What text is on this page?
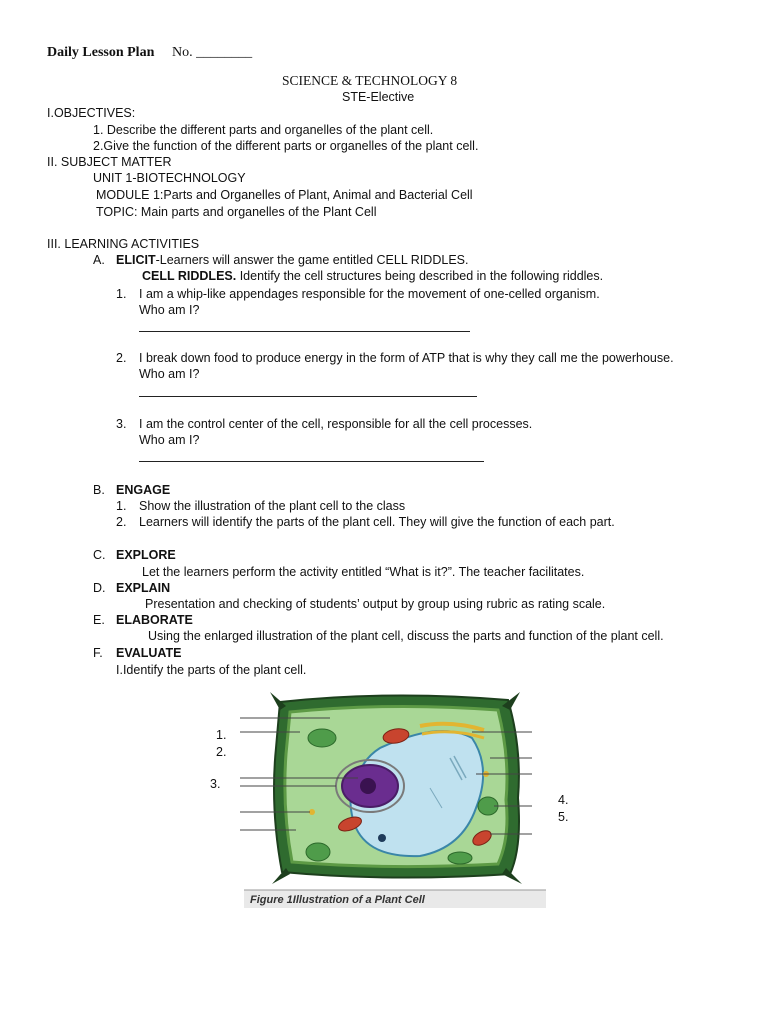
Daily Lesson Plan No. ________
SCIENCE & TECHNOLOGY 8
STE-Elective
I.OBJECTIVES:
1. Describe the different parts and organelles of the plant cell.
2.Give the function of the different parts or organelles of the plant cell.
II. SUBJECT MATTER
UNIT 1-BIOTECHNOLOGY
MODULE 1:Parts and Organelles of Plant, Animal and Bacterial Cell
TOPIC: Main parts and organelles of the Plant Cell
III. LEARNING ACTIVITIES
A. ELICIT-Learners will answer the game entitled CELL RIDDLES.
CELL RIDDLES. Identify the cell structures being described in the following riddles.
1. I am a whip-like appendages responsible for the movement of one-celled organism.
Who am I?
2. I break down food to produce energy in the form of ATP that is why they call me the powerhouse.
Who am I?
3. I am the control center of the cell, responsible for all the cell processes.
Who am I?
B. ENGAGE
1. Show the illustration of the plant cell to the class
2. Learners will identify the parts of the plant cell. They will give the function of each part.
C. EXPLORE
Let the learners perform the activity entitled “What is it?”. The teacher facilitates.
D. EXPLAIN
Presentation and checking of students’ output by group using rubric as rating scale.
E. ELABORATE
Using the enlarged illustration of the plant cell, discuss the parts and function of the plant cell.
F. EVALUATE
I.Identify the parts of the plant cell.
1.
2.
3.
4.
5.
Figure 1Illustration of a Plant Cell
